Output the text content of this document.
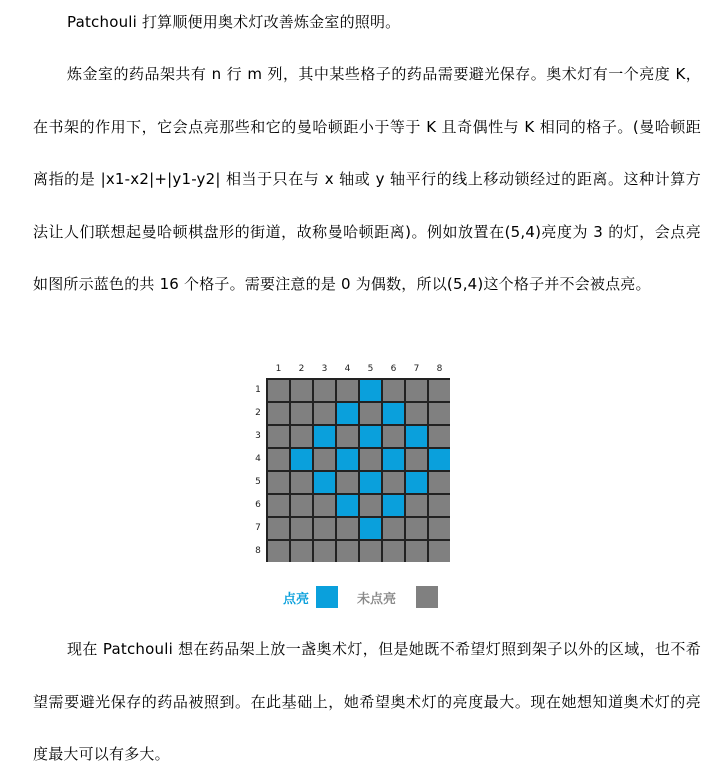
Patchouli 打算顺便用奥术灯改善炼金室的照明。

炼金室的药品架共有 n 行 m 列，其中某些格子的药品需要避光保存。奥术灯有一个亮度 K，在书架的作用下，它会点亮那些和它的曼哈顿距小于等于 K 且奇偶性与 K 相同的格子。(曼哈顿距离指的是 |x1-x2|+|y1-y2| 相当于只在与 x 轴或 y 轴平行的线上移动锁经过的距离。这种计算方法让人们联想起曼哈顿棋盘形的街道，故称曼哈顿距离)。例如放置在(5,4)亮度为 3 的灯，会点亮如图所示蓝色的共 16 个格子。需要注意的是 0 为偶数，所以(5,4)这个格子并不会被点亮。

1	2	3	4	5	6	7	8
1
2
3
4
5
6
7
8
点亮	未点亮

现在 Patchouli 想在药品架上放一盏奥术灯，但是她既不希望灯照到架子以外的区域，也不希望需要避光保存的药品被照到。在此基础上，她希望奥术灯的亮度最大。现在她想知道奥术灯的亮度最大可以有多大。
